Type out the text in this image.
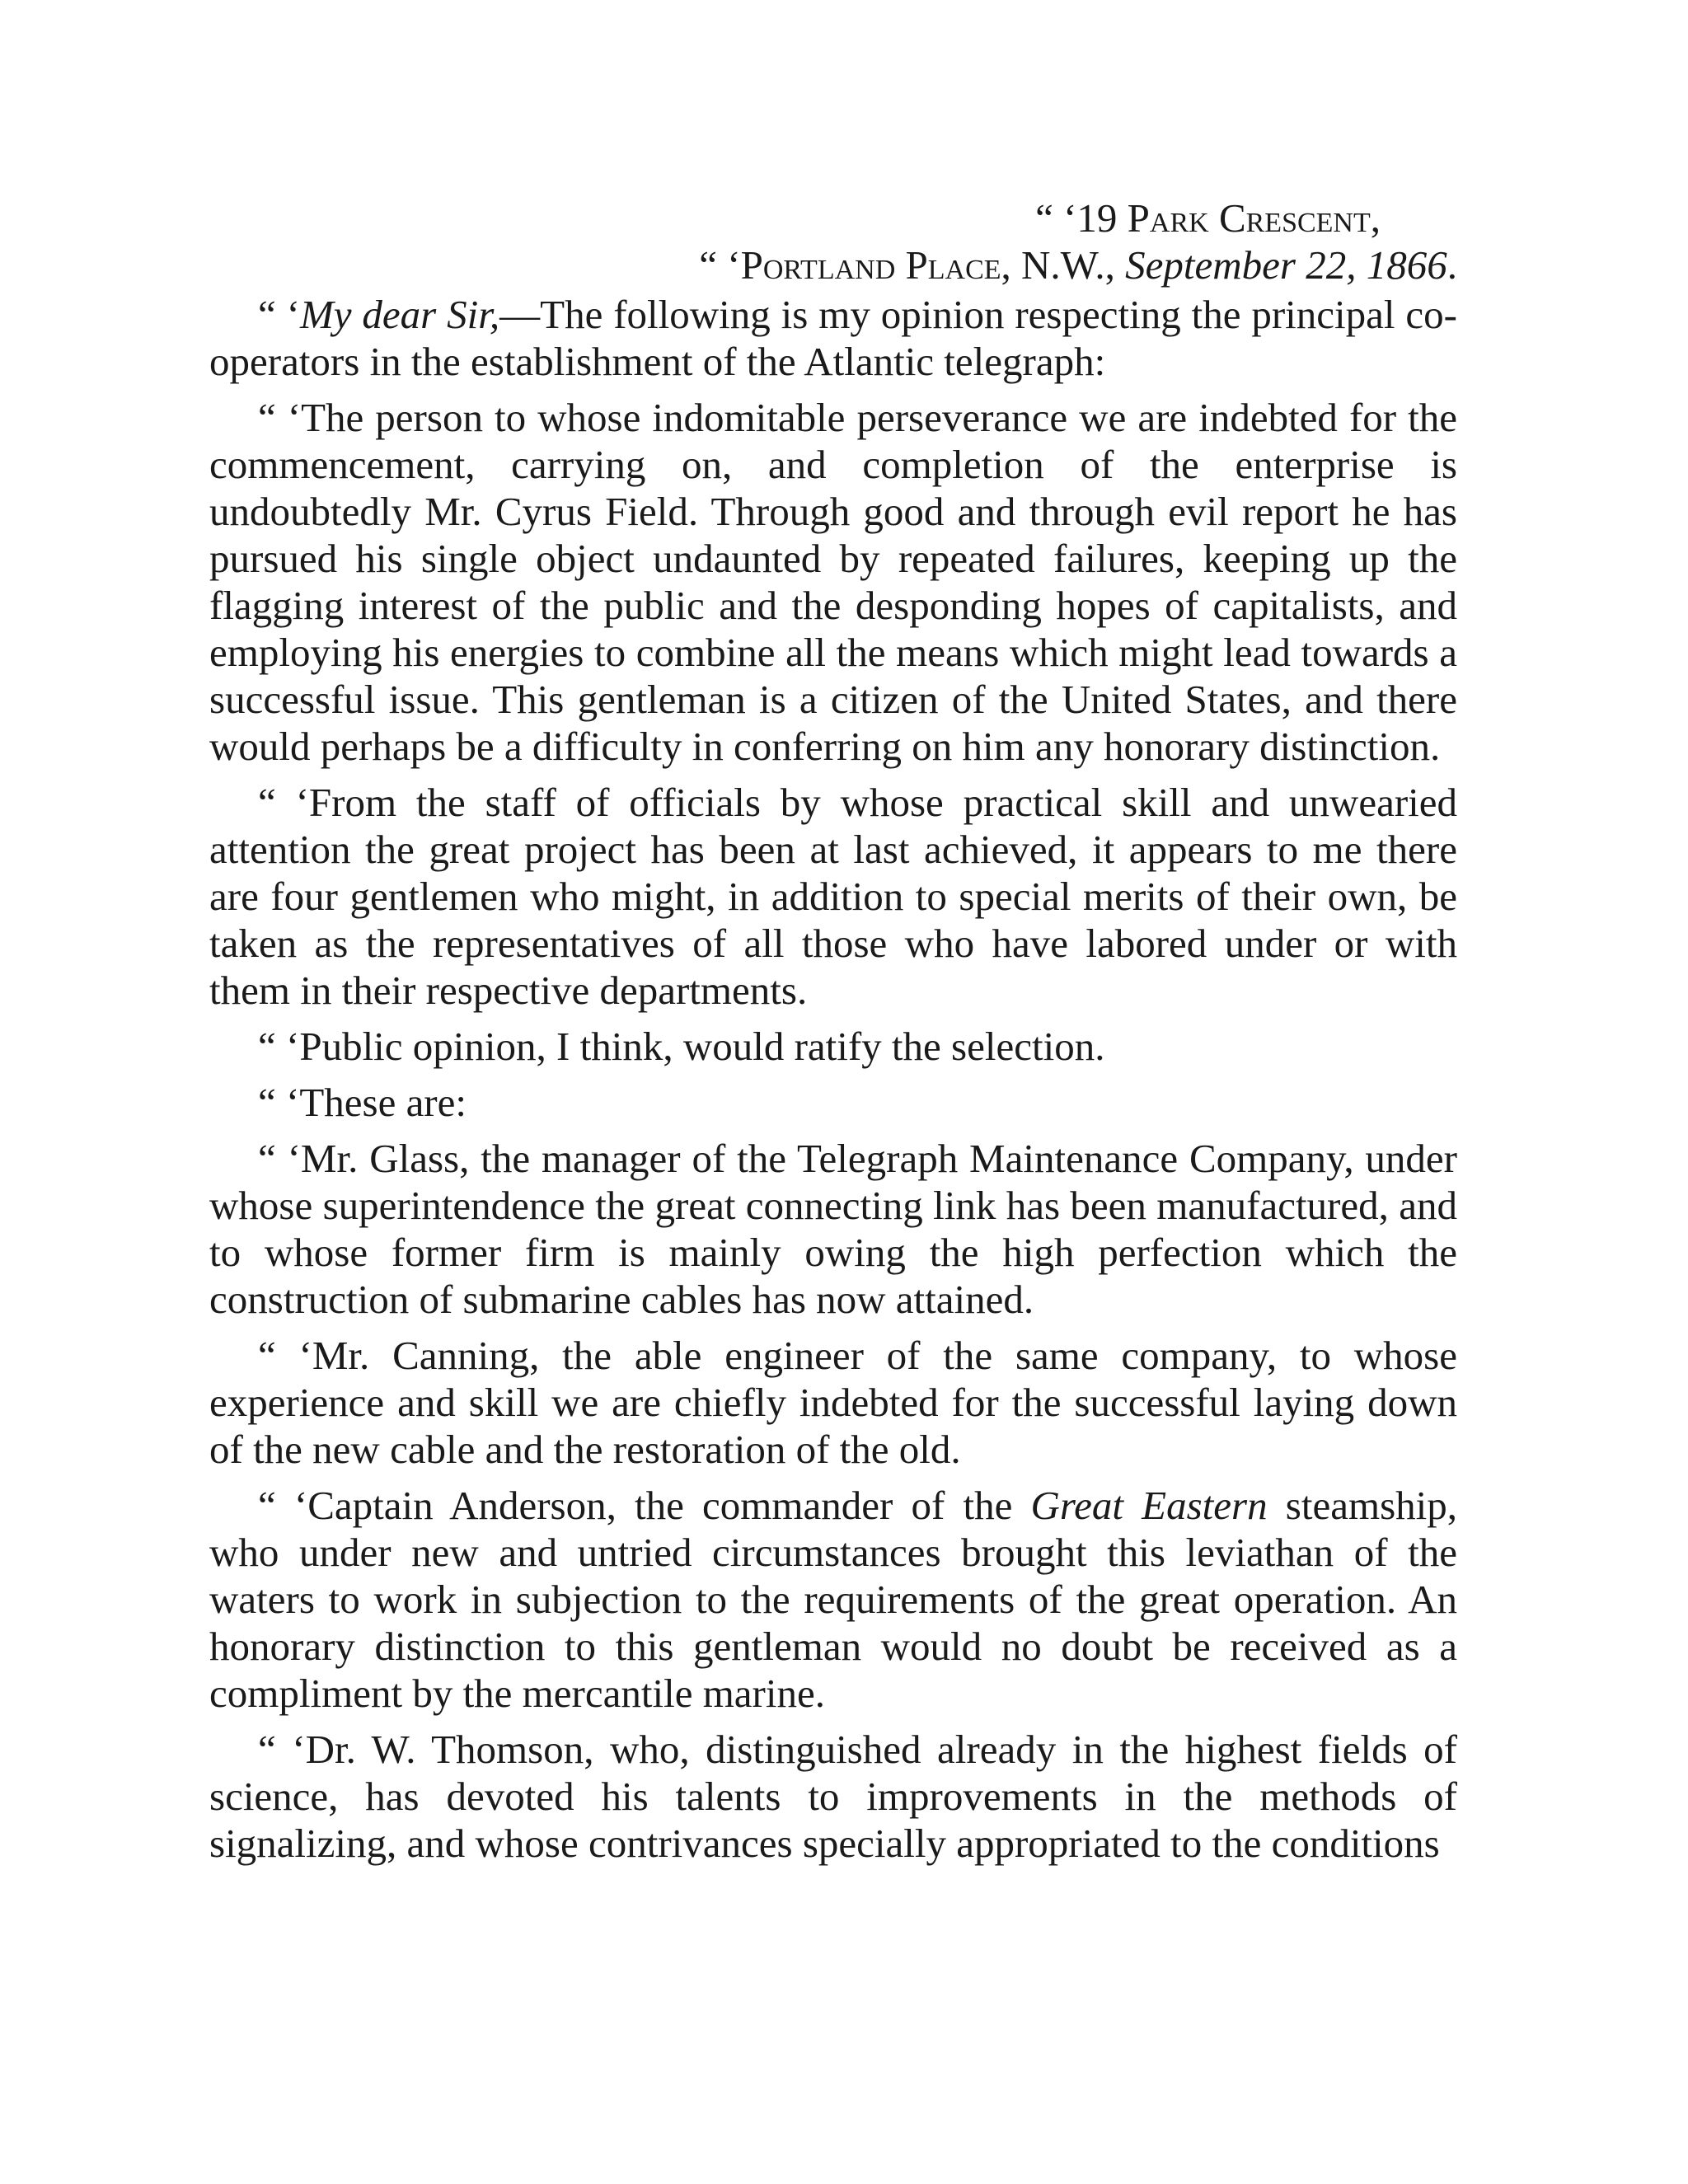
“ ‘19 Park Crescent,
“ ‘Portland Place, N.W., September 22, 1866.

“ ‘My dear Sir,—The following is my opinion respecting the principal co-operators in the establishment of the Atlantic telegraph:

“ ‘The person to whose indomitable perseverance we are indebted for the commencement, carrying on, and completion of the enterprise is undoubtedly Mr. Cyrus Field. Through good and through evil report he has pursued his single object undaunted by repeated failures, keeping up the flagging interest of the public and the desponding hopes of capitalists, and employing his energies to combine all the means which might lead towards a successful issue. This gentleman is a citizen of the United States, and there would perhaps be a difficulty in conferring on him any honorary distinction.

“ ‘From the staff of officials by whose practical skill and unwearied attention the great project has been at last achieved, it appears to me there are four gentlemen who might, in addition to special merits of their own, be taken as the representatives of all those who have labored under or with them in their respective departments.

“ ‘Public opinion, I think, would ratify the selection.

“ ‘These are:

“ ‘Mr. Glass, the manager of the Telegraph Maintenance Company, under whose superintendence the great connecting link has been manufactured, and to whose former firm is mainly owing the high perfection which the construction of submarine cables has now attained.

“ ‘Mr. Canning, the able engineer of the same company, to whose experience and skill we are chiefly indebted for the successful laying down of the new cable and the restoration of the old.

“ ‘Captain Anderson, the commander of the Great Eastern steamship, who under new and untried circumstances brought this leviathan of the waters to work in subjection to the requirements of the great operation. An honorary distinction to this gentleman would no doubt be received as a compliment by the mercantile marine.

“ ‘Dr. W. Thomson, who, distinguished already in the highest fields of science, has devoted his talents to improvements in the methods of signalizing, and whose contrivances specially appropriated to the conditions
